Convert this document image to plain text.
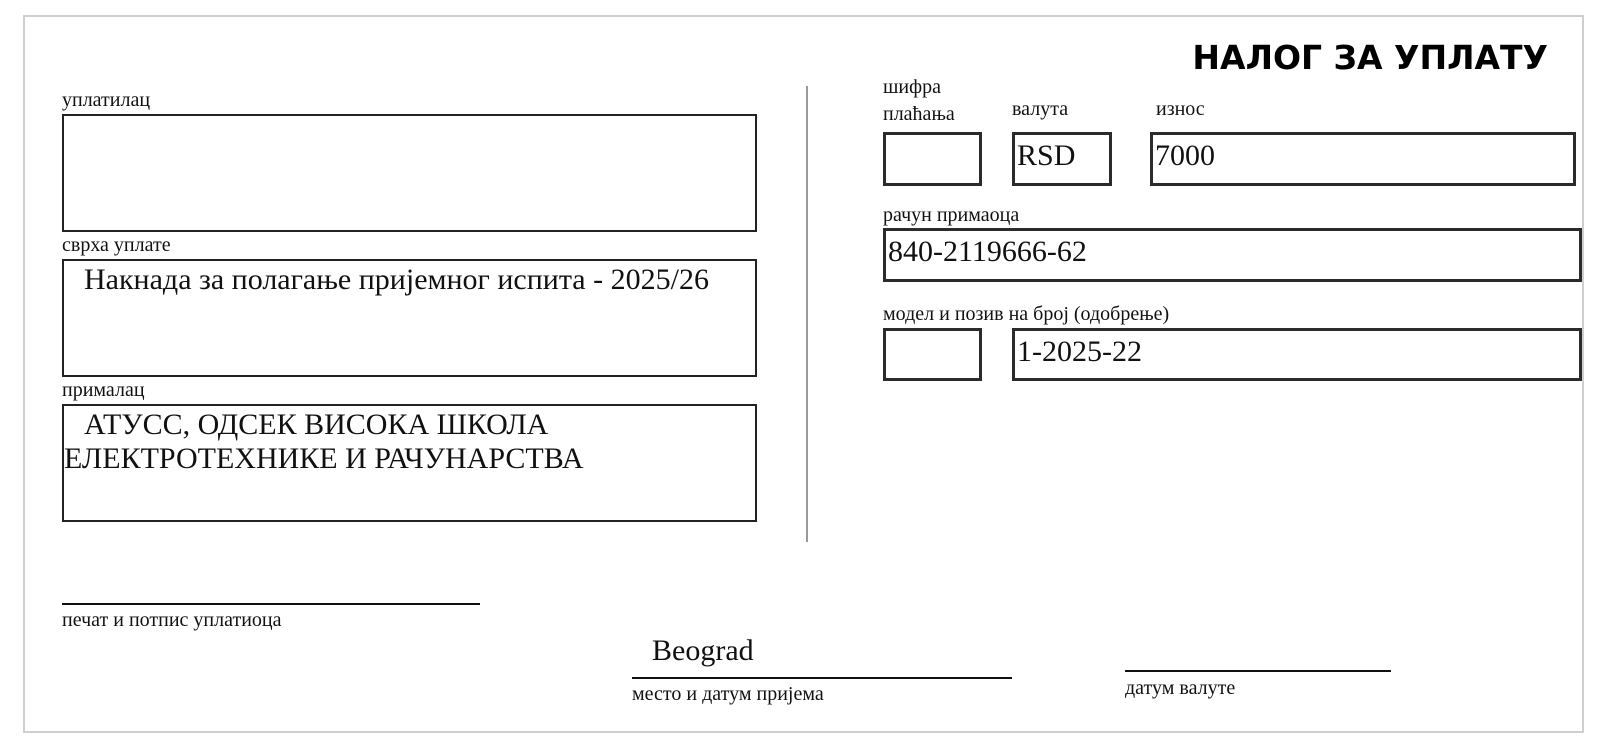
НАЛОГ ЗА УПЛАТУ
уплатилац
сврха уплате
Накнада за полагање пријемног испита - 2025/26
прималац
АТУСС, ОДСЕК ВИСОКА ШКОЛА ЕЛЕКТРОТЕХНИКЕ И РАЧУНАРСТВА
печат и потпис уплатиоца
шифра плаћања	валута
RSD
износ
7000
рачун примаоца
840-2119666-62
модел и позив на број (одобрење)
1-2025-22
Beograd
место и датум пријема	датум валуте
